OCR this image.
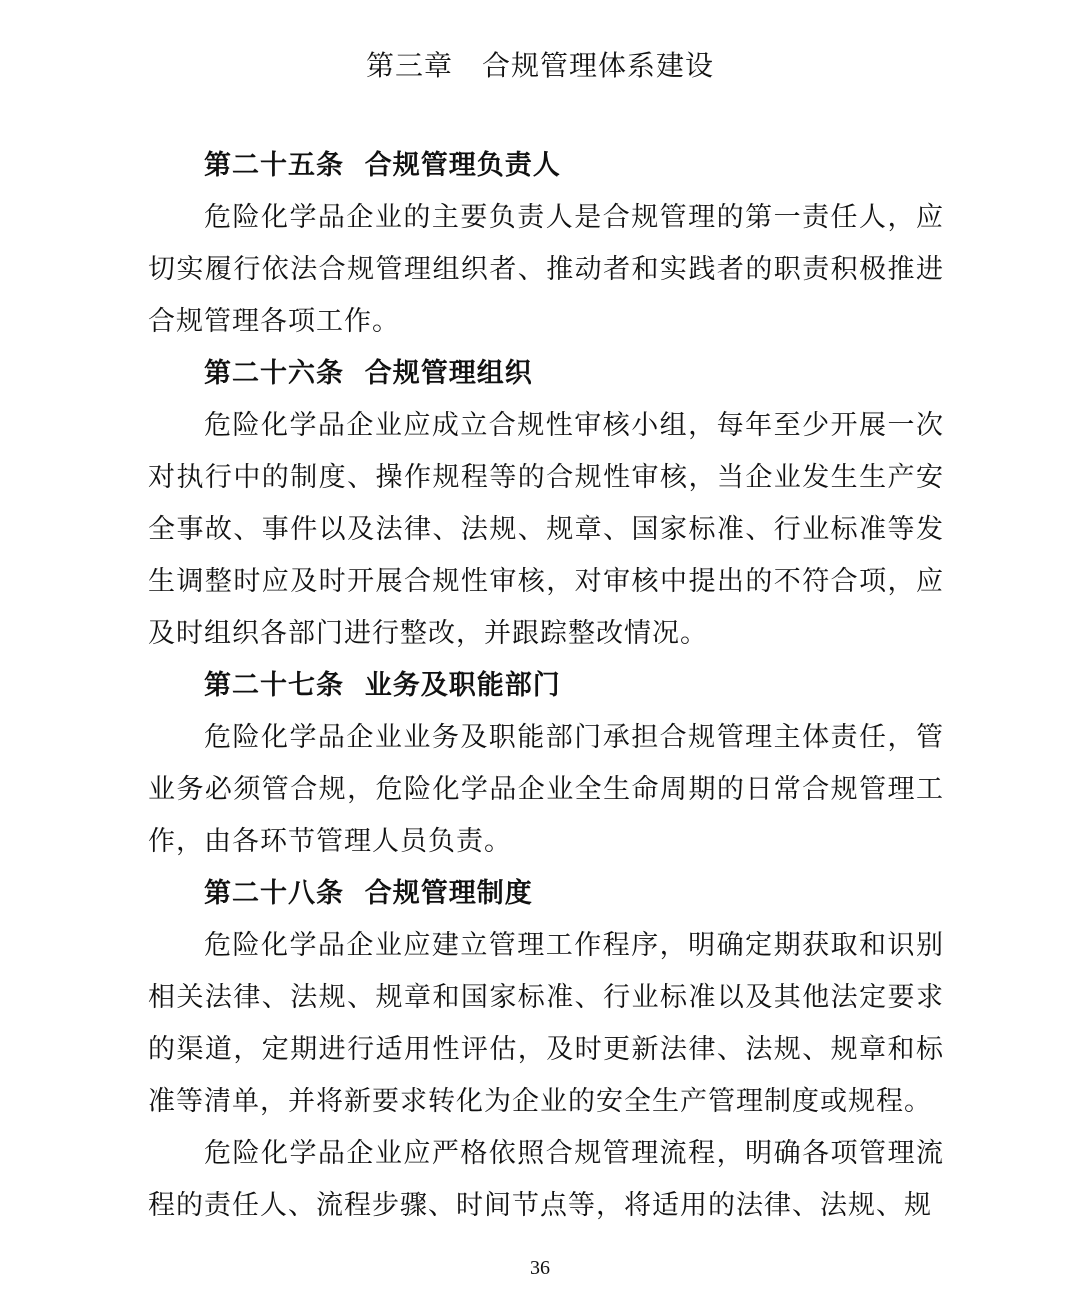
第三章　合规管理体系建设
第二十五条  合规管理负责人

危险化学品企业的主要负责人是合规管理的第一责任人，应切实履行依法合规管理组织者、推动者和实践者的职责积极推进合规管理各项工作。

第二十六条  合规管理组织

危险化学品企业应成立合规性审核小组，每年至少开展一次对执行中的制度、操作规程等的合规性审核，当企业发生生产安全事故、事件以及法律、法规、规章、国家标准、行业标准等发生调整时应及时开展合规性审核，对审核中提出的不符合项，应及时组织各部门进行整改，并跟踪整改情况。

第二十七条  业务及职能部门

危险化学品企业业务及职能部门承担合规管理主体责任，管业务必须管合规，危险化学品企业全生命周期的日常合规管理工作，由各环节管理人员负责。

第二十八条  合规管理制度

危险化学品企业应建立管理工作程序，明确定期获取和识别相关法律、法规、规章和国家标准、行业标准以及其他法定要求的渠道，定期进行适用性评估，及时更新法律、法规、规章和标准等清单，并将新要求转化为企业的安全生产管理制度或规程。

危险化学品企业应严格依照合规管理流程，明确各项管理流程的责任人、流程步骤、时间节点等，将适用的法律、法规、规

36
